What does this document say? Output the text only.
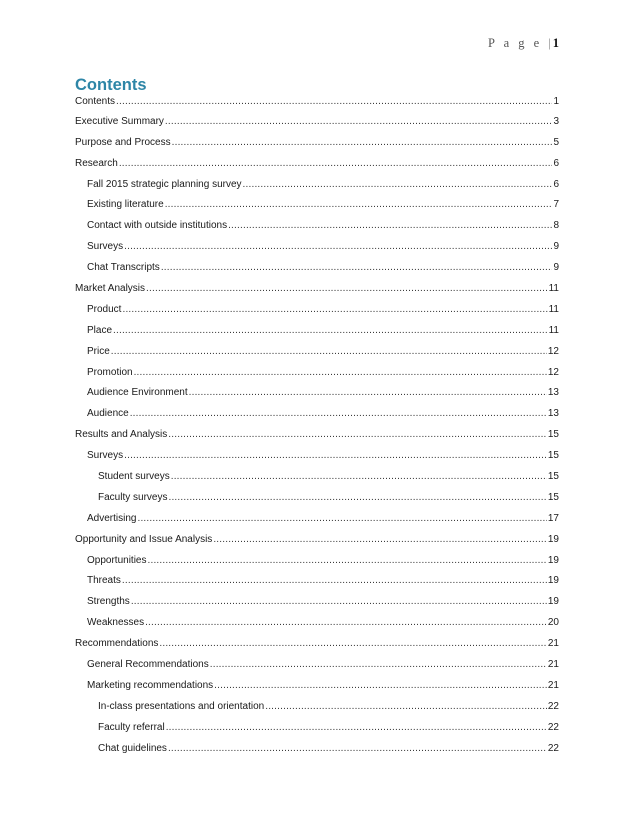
P a g e | 1
Contents
Contents .....	1
Executive Summary .....	3
Purpose and Process .....	5
Research .....	6
Fall 2015 strategic planning survey .....	6
Existing literature .....	7
Contact with outside institutions .....	8
Surveys .....	9
Chat Transcripts .....	9
Market Analysis .....	11
Product .....	11
Place .....	11
Price .....	12
Promotion .....	12
Audience Environment .....	13
Audience .....	13
Results and Analysis .....	15
Surveys .....	15
Student surveys .....	15
Faculty surveys .....	15
Advertising .....	17
Opportunity and Issue Analysis .....	19
Opportunities .....	19
Threats .....	19
Strengths .....	19
Weaknesses .....	20
Recommendations .....	21
General Recommendations .....	21
Marketing recommendations .....	21
In-class presentations and orientation .....	22
Faculty referral .....	22
Chat guidelines .....	22
